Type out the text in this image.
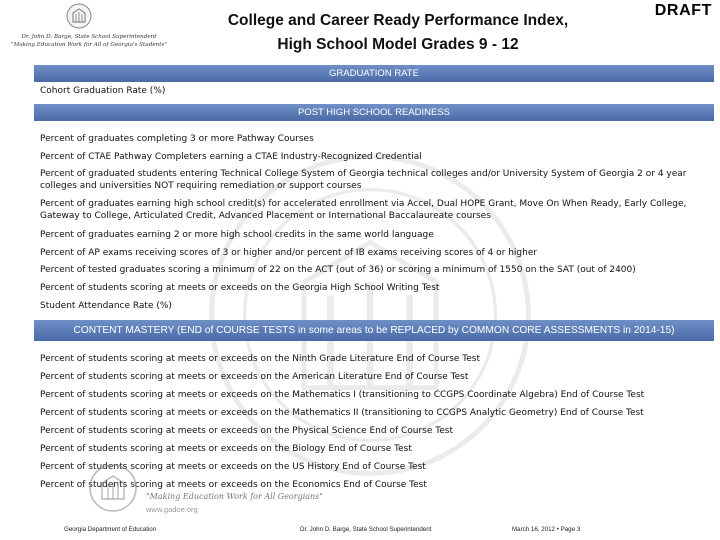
Dr. John D. Barge, State School Superintendent
"Making Education Work for All of Georgia's Students"
College and Career Ready Performance Index,
High School Model Grades 9 - 12
DRAFT
GRADUATION RATE
Cohort Graduation Rate (%)
POST HIGH SCHOOL READINESS
Percent of graduates completing 3 or more Pathway Courses
Percent of CTAE Pathway Completers earning a CTAE Industry-Recognized Credential
Percent of graduated students entering Technical College System of Georgia technical colleges and/or University System of Georgia 2 or 4 year colleges and universities NOT requiring remediation or support courses
Percent of graduates earning high school credit(s) for accelerated enrollment via Accel, Dual HOPE Grant, Move On When Ready, Early College, Gateway to College, Articulated Credit, Advanced Placement or International Baccalaureate courses
Percent of graduates earning 2 or more high school credits in the same world language
Percent of AP exams receiving scores of 3 or higher and/or percent of IB exams receiving scores of 4 or higher
Percent of tested graduates scoring a minimum of 22 on the ACT (out of 36) or scoring a minimum of 1550 on the SAT (out of 2400)
Percent of students scoring at meets or exceeds on the Georgia High School Writing Test
Student Attendance Rate (%)
CONTENT MASTERY (END of COURSE TESTS in some areas to be REPLACED by COMMON CORE ASSESSMENTS in 2014-15)
Percent of students scoring at meets or exceeds on the Ninth Grade Literature End of Course Test
Percent of students scoring at meets or exceeds on the American Literature End of Course Test
Percent of students scoring at meets or exceeds on the Mathematics I (transitioning to CCGPS Coordinate Algebra) End of Course Test
Percent of students scoring at meets or exceeds on the Mathematics II (transitioning to CCGPS Analytic Geometry) End of Course Test
Percent of students scoring at meets or exceeds on the Physical Science End of Course Test
Percent of students scoring at meets or exceeds on the Biology End of Course Test
Percent of students scoring at meets or exceeds on the US History End of Course Test
Percent of students scoring at meets or exceeds on the Economics End of Course Test
"Making Education Work for All Georgians"
www.gadoe.org
Georgia Department of Education	Dr. John D. Barge, State School Superintendent	March 16, 2012 • Page 3
